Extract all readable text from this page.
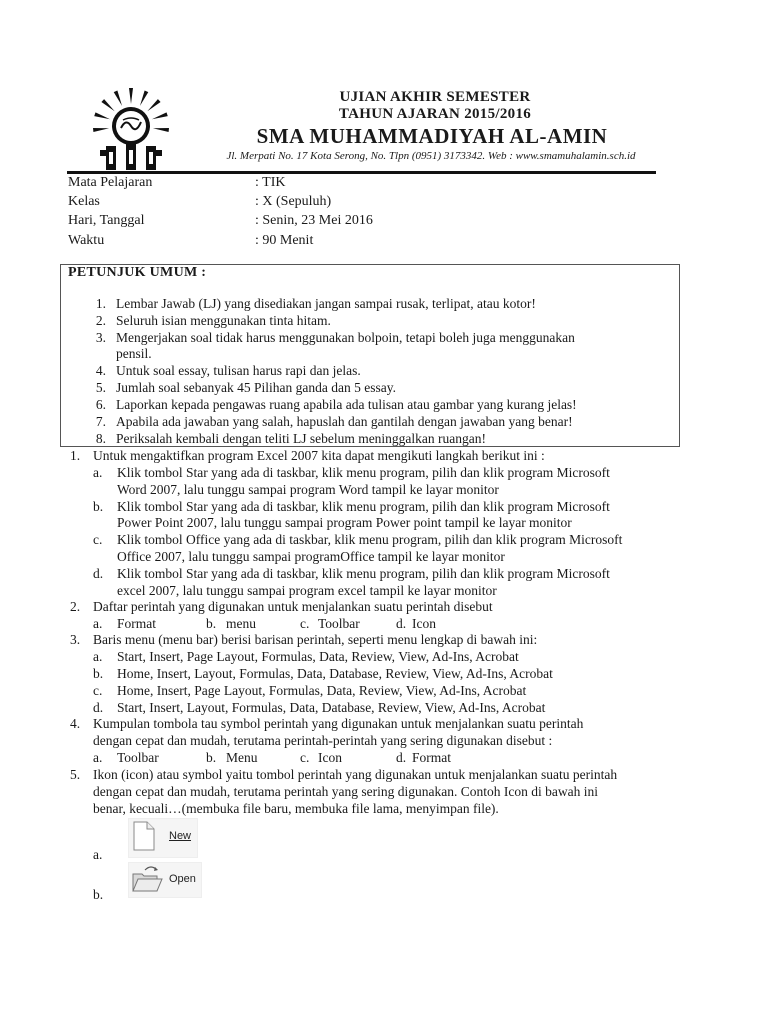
UJIAN AKHIR SEMESTER
TAHUN AJARAN 2015/2016
SMA MUHAMMADIYAH AL-AMIN
Jl. Merpati No. 17 Kota Serong, No. Tlpn (0951) 3173342. Web : www.smamuhalamin.sch.id
Mata Pelajaran	: TIK
Kelas	: X (Sepuluh)
Hari, Tanggal	: Senin, 23 Mei 2016
Waktu	: 90 Menit
PETUNJUK UMUM :
1. Lembar Jawab (LJ) yang disediakan jangan sampai rusak, terlipat, atau kotor!
2. Seluruh isian menggunakan tinta hitam.
3. Mengerjakan soal tidak harus menggunakan bolpoin, tetapi boleh juga menggunakan
pensil.
4. Untuk soal essay, tulisan harus rapi dan jelas.
5. Jumlah soal sebanyak 45 Pilihan ganda dan 5 essay.
6. Laporkan kepada pengawas ruang apabila ada tulisan atau gambar yang kurang jelas!
7. Apabila ada jawaban yang salah, hapuslah dan gantilah dengan jawaban yang benar!
8. Periksalah kembali dengan teliti LJ sebelum meninggalkan ruangan!
1. Untuk mengaktifkan program Excel 2007 kita dapat mengikuti langkah berikut ini :
a. Klik tombol Star yang ada di taskbar, klik menu program, pilih dan klik program Microsoft
Word 2007, lalu tunggu sampai program Word tampil ke layar monitor
b. Klik tombol Star yang ada di taskbar, klik menu program, pilih dan klik program Microsoft
Power Point 2007, lalu tunggu sampai program Power point tampil ke layar monitor
c. Klik tombol Office yang ada di taskbar, klik menu program, pilih dan klik program Microsoft
Office 2007, lalu tunggu sampai programOffice tampil ke layar monitor
d. Klik tombol Star yang ada di taskbar, klik menu program, pilih dan klik program Microsoft
excel 2007, lalu tunggu sampai program excel tampil ke layar monitor
2. Daftar perintah yang digunakan untuk menjalankan suatu perintah disebut
a. Format	b. menu	c. Toolbar	d. Icon
3. Baris menu (menu bar) berisi barisan perintah, seperti menu lengkap di bawah ini:
a. Start, Insert, Page Layout, Formulas, Data, Review, View, Ad-Ins, Acrobat
b. Home, Insert, Layout, Formulas, Data, Database, Review, View, Ad-Ins, Acrobat
c. Home, Insert, Page Layout, Formulas, Data, Review, View, Ad-Ins, Acrobat
d. Start, Insert, Layout, Formulas, Data, Database, Review, View, Ad-Ins, Acrobat
4. Kumpulan tombola tau symbol perintah yang digunakan untuk menjalankan suatu perintah
dengan cepat dan mudah, terutama perintah-perintah yang sering digunakan disebut :
a. Toolbar	b. Menu	c. Icon	d. Format
5. Ikon (icon) atau symbol yaitu tombol perintah yang digunakan untuk menjalankan suatu perintah
dengan cepat dan mudah, terutama perintah yang sering digunakan. Contoh Icon di bawah ini
benar, kecuali…(membuka file baru, membuka file lama, menyimpan file).
New
a.
Open
b.
